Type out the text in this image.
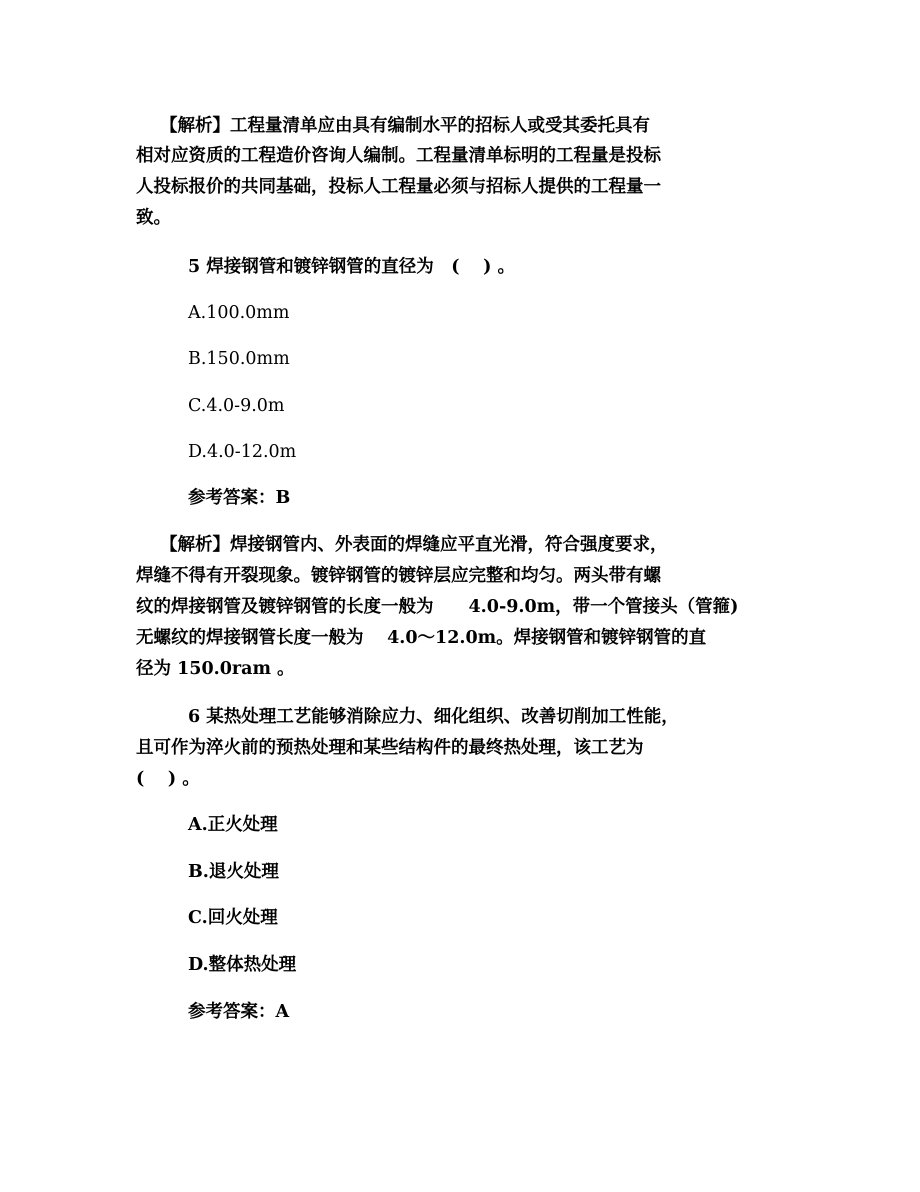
【解析】工程量清单应由具有编制水平的招标人或受其委托具有
相对应资质的工程造价咨询人编制。工程量清单标明的工程量是投标
人投标报价的共同基础，投标人工程量必须与招标人提供的工程量一
致。
5 焊接钢管和镀锌钢管的直径为　(　 ) 。
A.100.0mm
B.150.0mm
C.4.0-9.0m
D.4.0-12.0m
参考答案：B
【解析】焊接钢管内、外表面的焊缝应平直光滑，符合强度要求，
焊缝不得有开裂现象。镀锌钢管的镀锌层应完整和均匀。两头带有螺
纹的焊接钢管及镀锌钢管的长度一般为　　4.0-9.0m，带一个管接头（管箍)
无螺纹的焊接钢管长度一般为　 4.0～12.0m。焊接钢管和镀锌钢管的直
径为 150.0ram 。
6 某热处理工艺能够消除应力、细化组织、改善切削加工性能，
且可作为淬火前的预热处理和某些结构件的最终热处理，该工艺为
(　 ) 。
A.正火处理
B.退火处理
C.回火处理
D.整体热处理
参考答案：A
